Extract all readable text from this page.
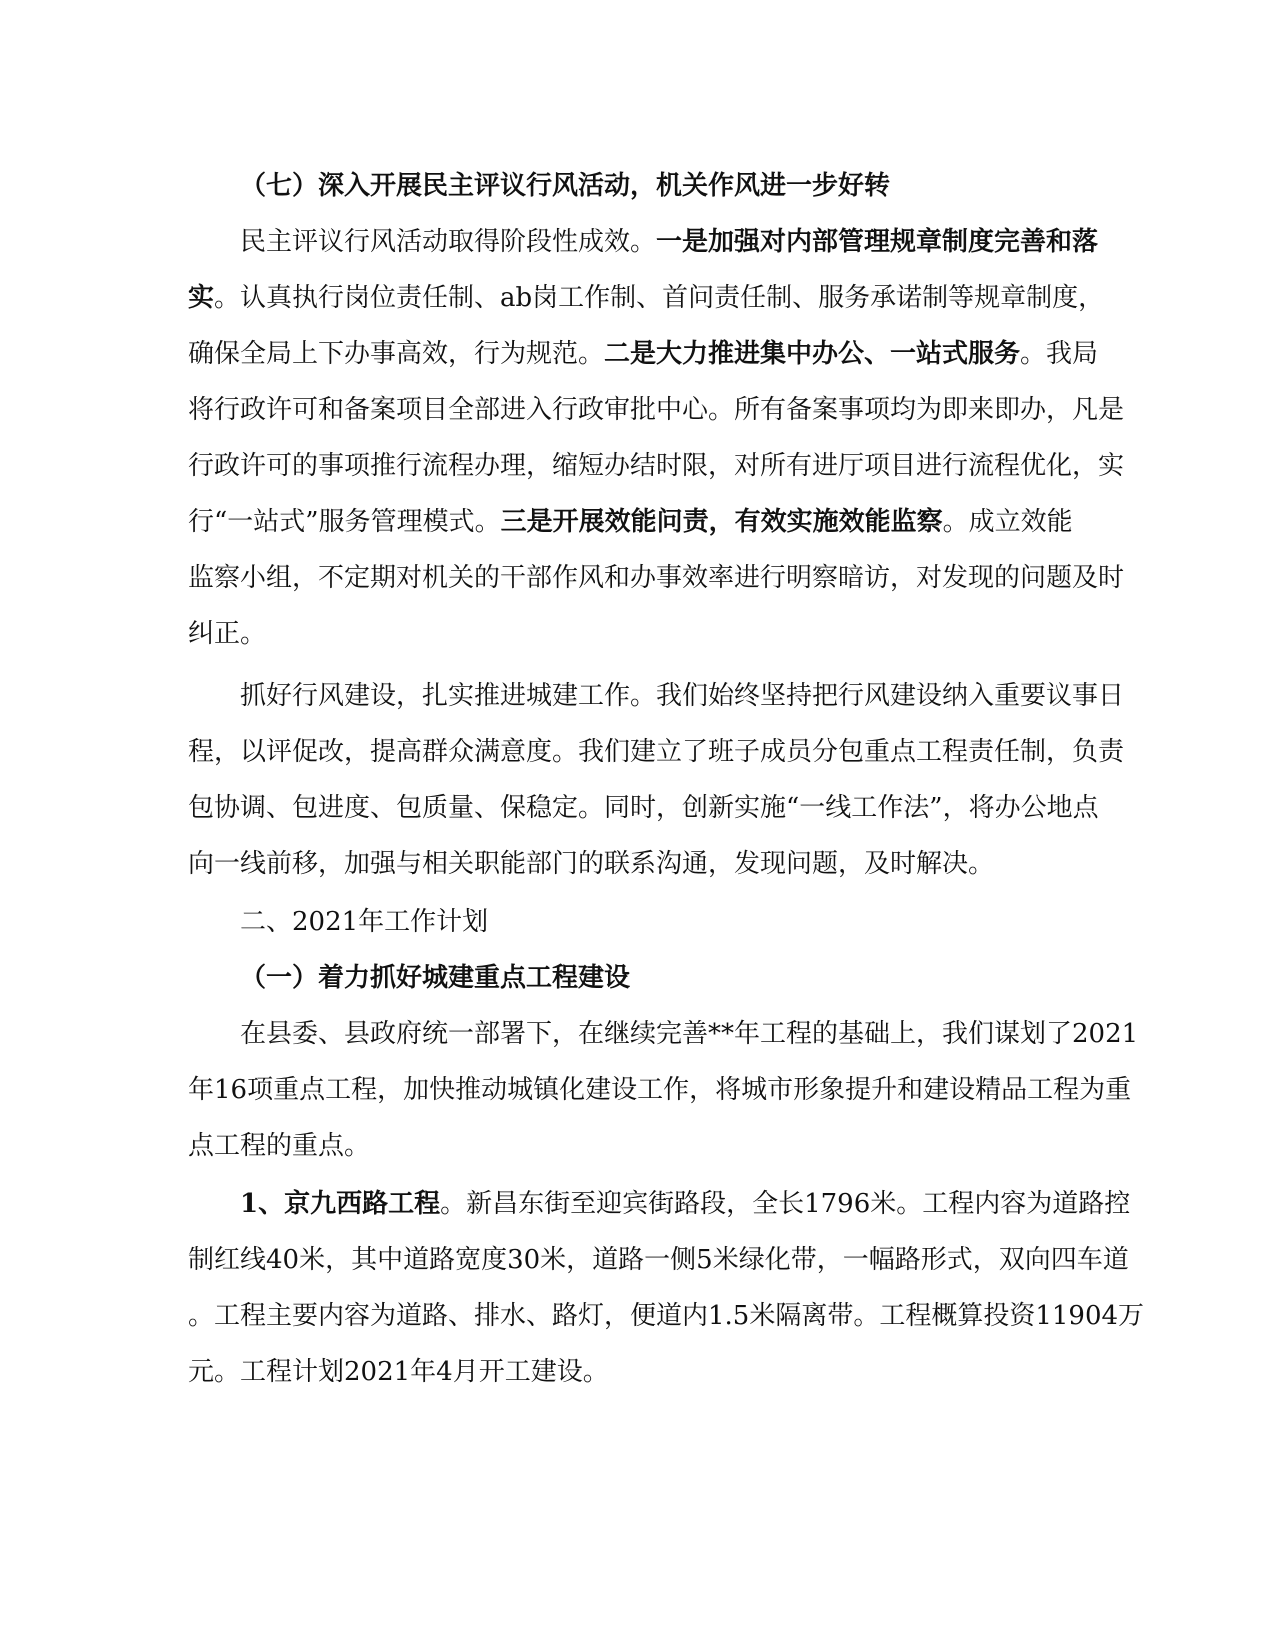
（七）深入开展民主评议行风活动，机关作风进一步好转
民主评议行风活动取得阶段性成效。一是加强对内部管理规章制度完善和落
实。认真执行岗位责任制、ab岗工作制、首问责任制、服务承诺制等规章制度，
确保全局上下办事高效，行为规范。二是大力推进集中办公、一站式服务。我局
将行政许可和备案项目全部进入行政审批中心。所有备案事项均为即来即办，凡是
行政许可的事项推行流程办理，缩短办结时限，对所有进厅项目进行流程优化，实
行“一站式”服务管理模式。三是开展效能问责，有效实施效能监察。成立效能
监察小组，不定期对机关的干部作风和办事效率进行明察暗访，对发现的问题及时
纠正。
抓好行风建设，扎实推进城建工作。我们始终坚持把行风建设纳入重要议事日
程，以评促改，提高群众满意度。我们建立了班子成员分包重点工程责任制，负责
包协调、包进度、包质量、保稳定。同时，创新实施“一线工作法”，将办公地点
向一线前移，加强与相关职能部门的联系沟通，发现问题，及时解决。
二、2021年工作计划
（一）着力抓好城建重点工程建设
在县委、县政府统一部署下，在继续完善**年工程的基础上，我们谋划了2021
年16项重点工程，加快推动城镇化建设工作，将城市形象提升和建设精品工程为重
点工程的重点。
1、京九西路工程。新昌东街至迎宾街路段，全长1796米。工程内容为道路控
制红线40米，其中道路宽度30米，道路一侧5米绿化带，一幅路形式，双向四车道
。工程主要内容为道路、排水、路灯，便道内1.5米隔离带。工程概算投资11904万
元。工程计划2021年4月开工建设。
